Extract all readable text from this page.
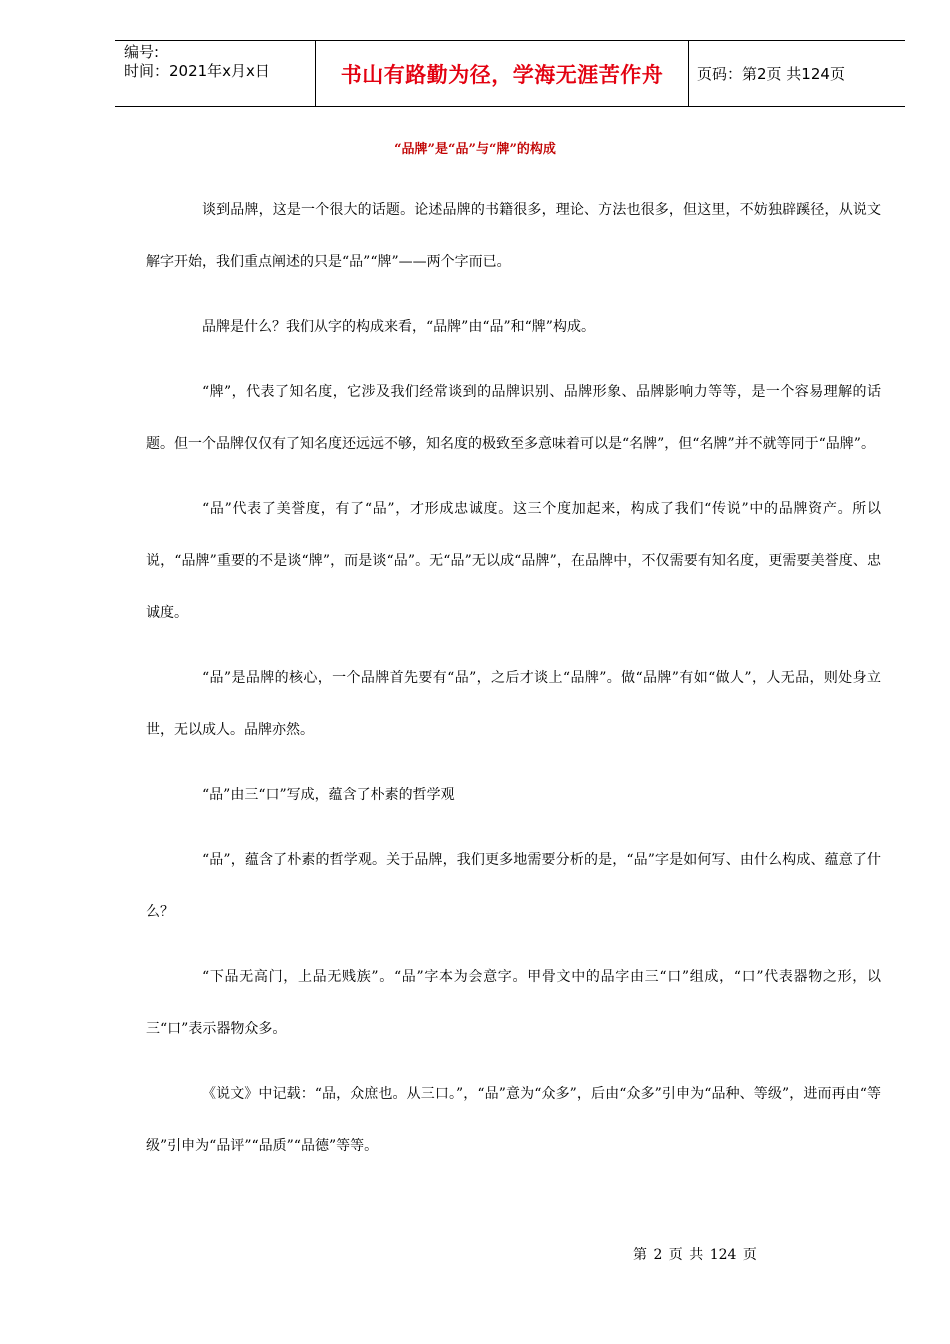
编号:
时间：2021年x月x日	书山有路勤为径，学海无涯苦作舟	页码：第2页 共124页
“品牌”是“品”与“牌”的构成

谈到品牌，这是一个很大的话题。论述品牌的书籍很多，理论、方法也很多，但这里，不妨独辟蹊径，从说文解字开始，我们重点阐述的只是“品”“牌”——两个字而已。

品牌是什么？我们从字的构成来看，“品牌”由“品”和“牌”构成。

“牌”，代表了知名度，它涉及我们经常谈到的品牌识别、品牌形象、品牌影响力等等，是一个容易理解的话题。但一个品牌仅仅有了知名度还远远不够，知名度的极致至多意味着可以是“名牌”，但“名牌”并不就等同于“品牌”。

“品”代表了美誉度，有了“品”，才形成忠诚度。这三个度加起来，构成了我们“传说”中的品牌资产。所以说，“品牌”重要的不是谈“牌”，而是谈“品”。无“品”无以成“品牌”，在品牌中，不仅需要有知名度，更需要美誉度、忠诚度。

“品”是品牌的核心，一个品牌首先要有“品”，之后才谈上“品牌”。做“品牌”有如“做人”，人无品，则处身立世，无以成人。品牌亦然。

“品”由三“口”写成，蕴含了朴素的哲学观

“品”，蕴含了朴素的哲学观。关于品牌，我们更多地需要分析的是，“品”字是如何写、由什么构成、蕴意了什么？

“下品无高门，上品无贱族”。“品”字本为会意字。甲骨文中的品字由三“口”组成，“口”代表器物之形，以三“口”表示器物众多。

《说文》中记载：“品，众庶也。从三口。”，“品”意为“众多”，后由“众多”引申为“品种、等级”，进而再由“等级”引申为“品评”“品质”“品德”等等。

第 2 页 共 124 页
